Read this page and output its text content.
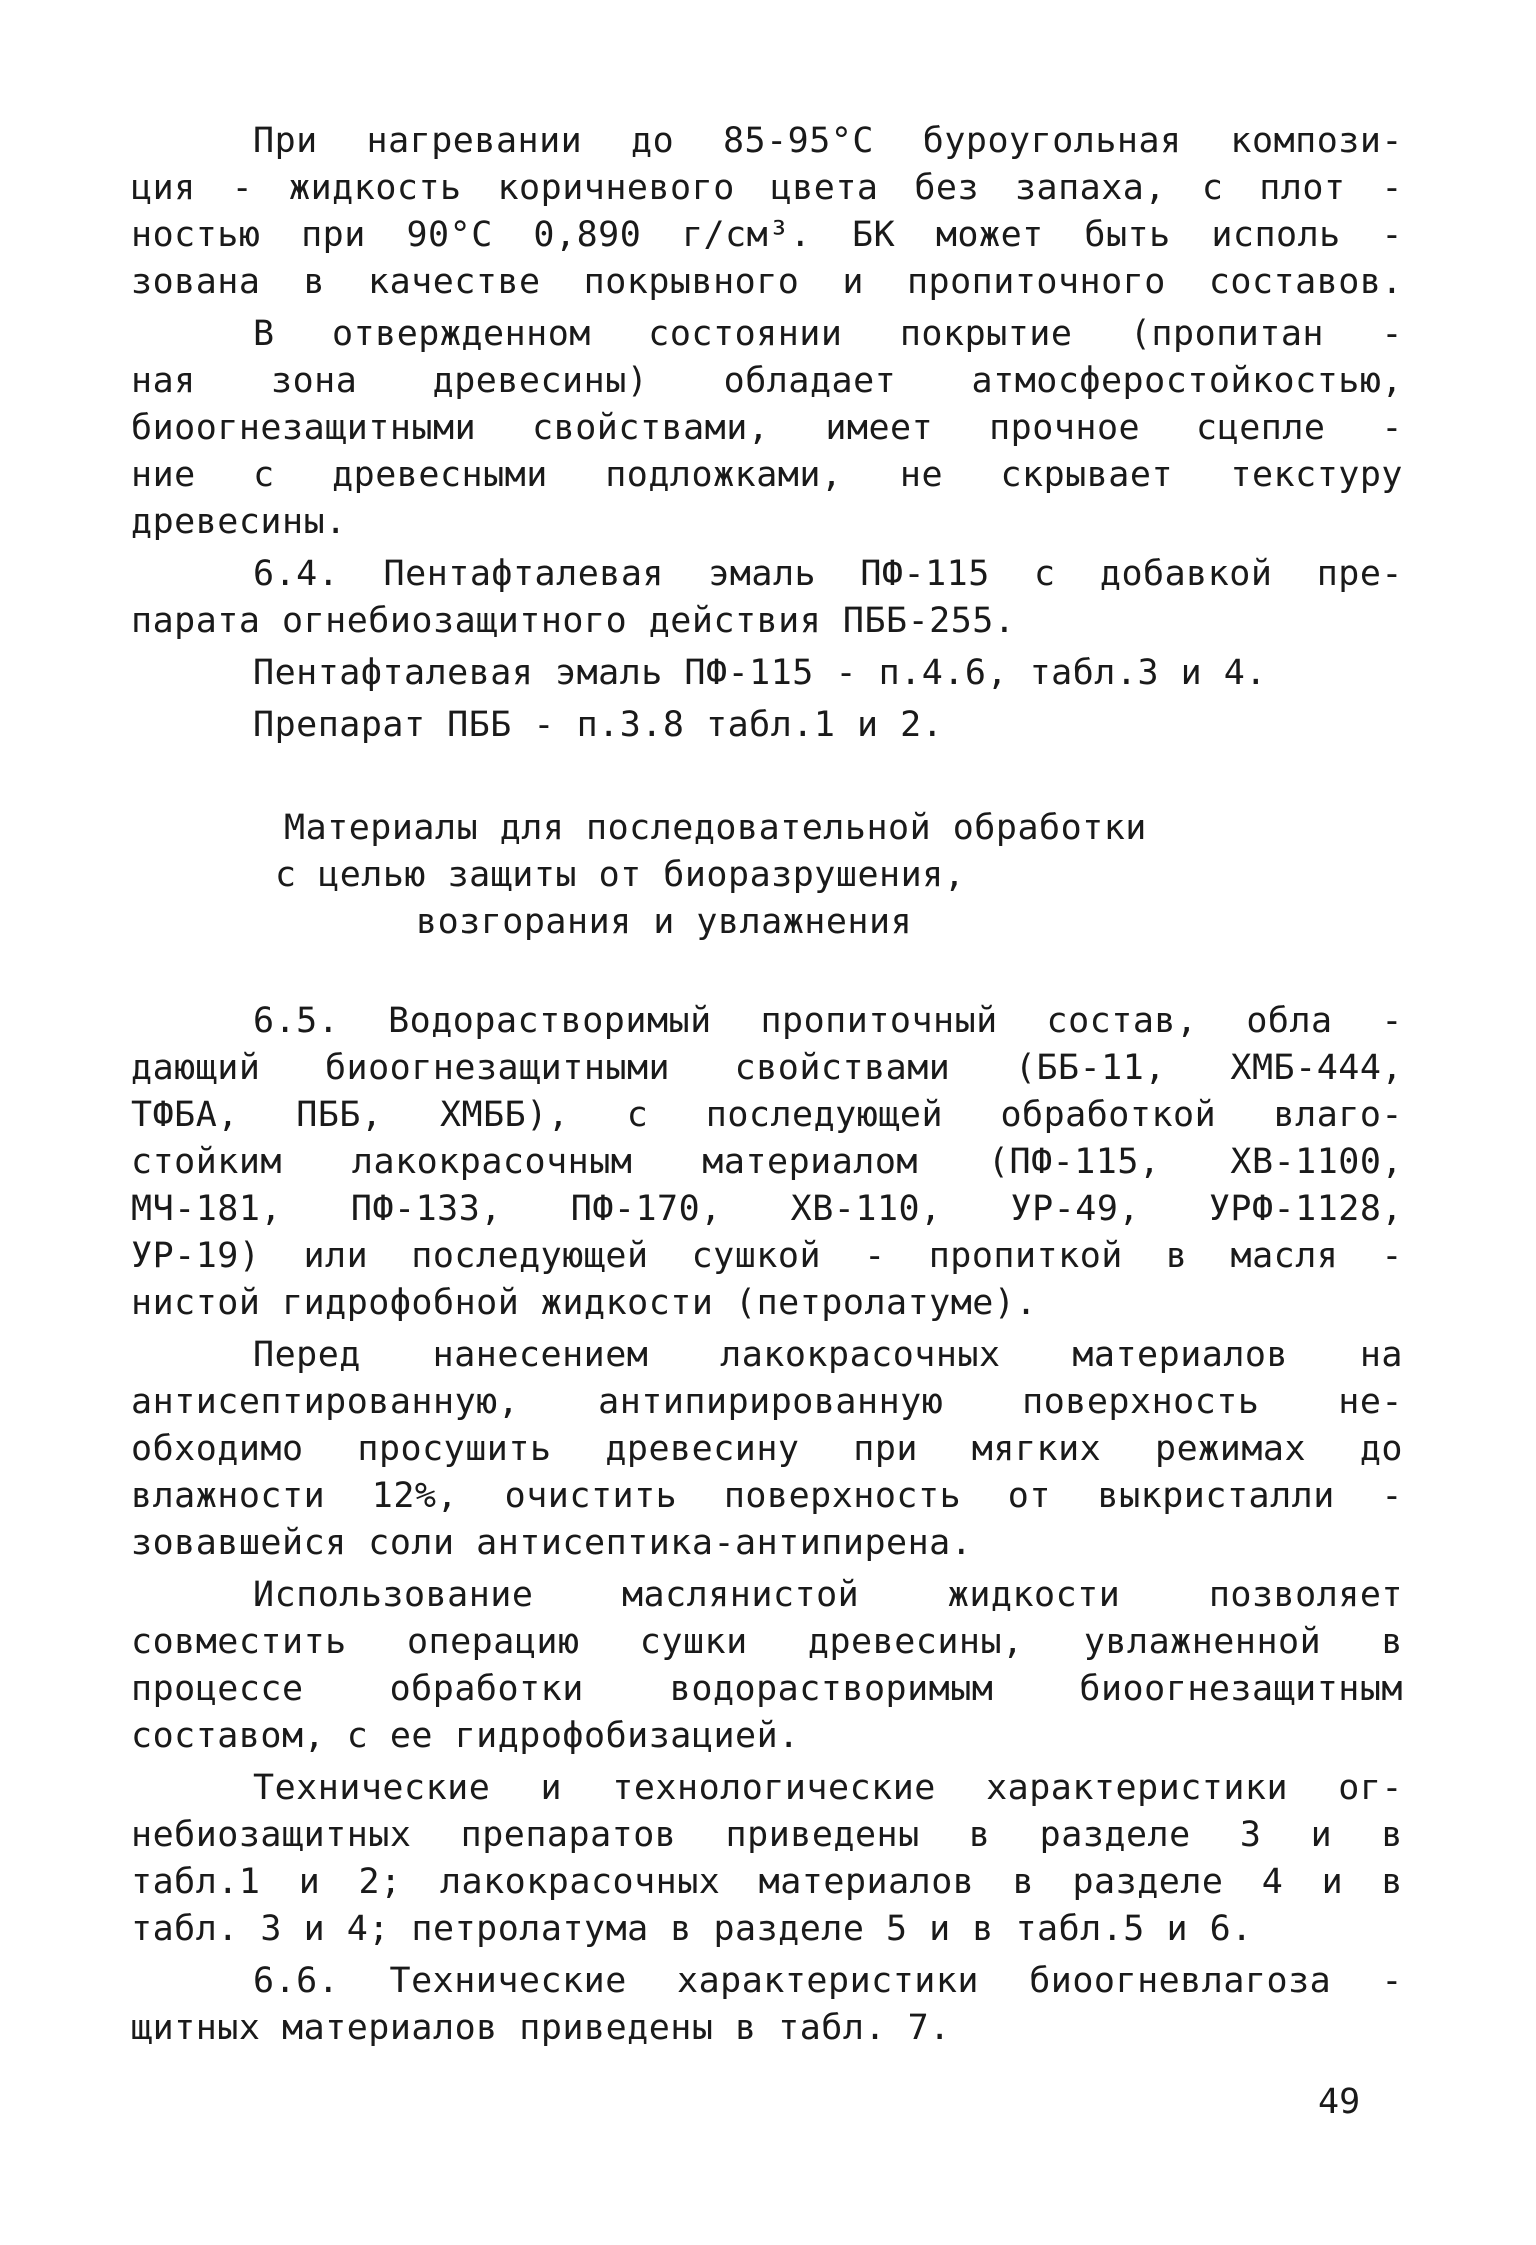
При нагревании до 85-95°С буроугольная компози-
ция - жидкость коричневого цвета без запаха, с плот -
ностью при 90°С 0,890 г/см³. БК может быть исполь -
зована в качестве покрывного и пропиточного составов.

В отвержденном состоянии покрытие (пропитан -
ная зона древесины) обладает атмосферостойкостью,
биоогнезащитными свойствами, имеет прочное сцепле -
ние с древесными подложками, не скрывает текстуру
древесины.

6.4. Пентафталевая эмаль ПФ-115 с добавкой пре-
парата огнебиозащитного действия ПББ-255.

Пентафталевая эмаль ПФ-115 - п.4.6, табл.3 и 4.

Препарат ПББ - п.3.8 табл.1 и 2.

Материалы для последовательной обработки
с целью защиты от биоразрушения,
возгорания и увлажнения

6.5. Водорастворимый пропиточный состав, обла -
дающий биоогнезащитными свойствами (ББ-11, ХМБ-444,
ТФБА, ПББ, ХМББ), с последующей обработкой влаго-
стойким лакокрасочным материалом (ПФ-115, ХВ-1100,
МЧ-181, ПФ-133, ПФ-170, ХВ-110, УР-49, УРФ-1128,
УР-19) или последующей сушкой - пропиткой в масля -
нистой гидрофобной жидкости (петролатуме).

Перед нанесением лакокрасочных материалов на
антисептированную, антипирированную поверхность не-
обходимо просушить древесину при мягких режимах до
влажности 12%, очистить поверхность от выкристалли -
зовавшейся соли антисептика-антипирена.

Использование маслянистой жидкости позволяет
совместить операцию сушки древесины, увлажненной в
процессе обработки водорастворимым биоогнезащитным
составом, с ее гидрофобизацией.

Технические и технологические характеристики ог-
небиозащитных препаратов приведены в разделе 3 и в
табл.1 и 2; лакокрасочных материалов в разделе 4 и в
табл. 3 и 4; петролатума в разделе 5 и в табл.5 и 6.

6.6. Технические характеристики биоогневлагоза -
щитных материалов приведены в табл. 7.

49
